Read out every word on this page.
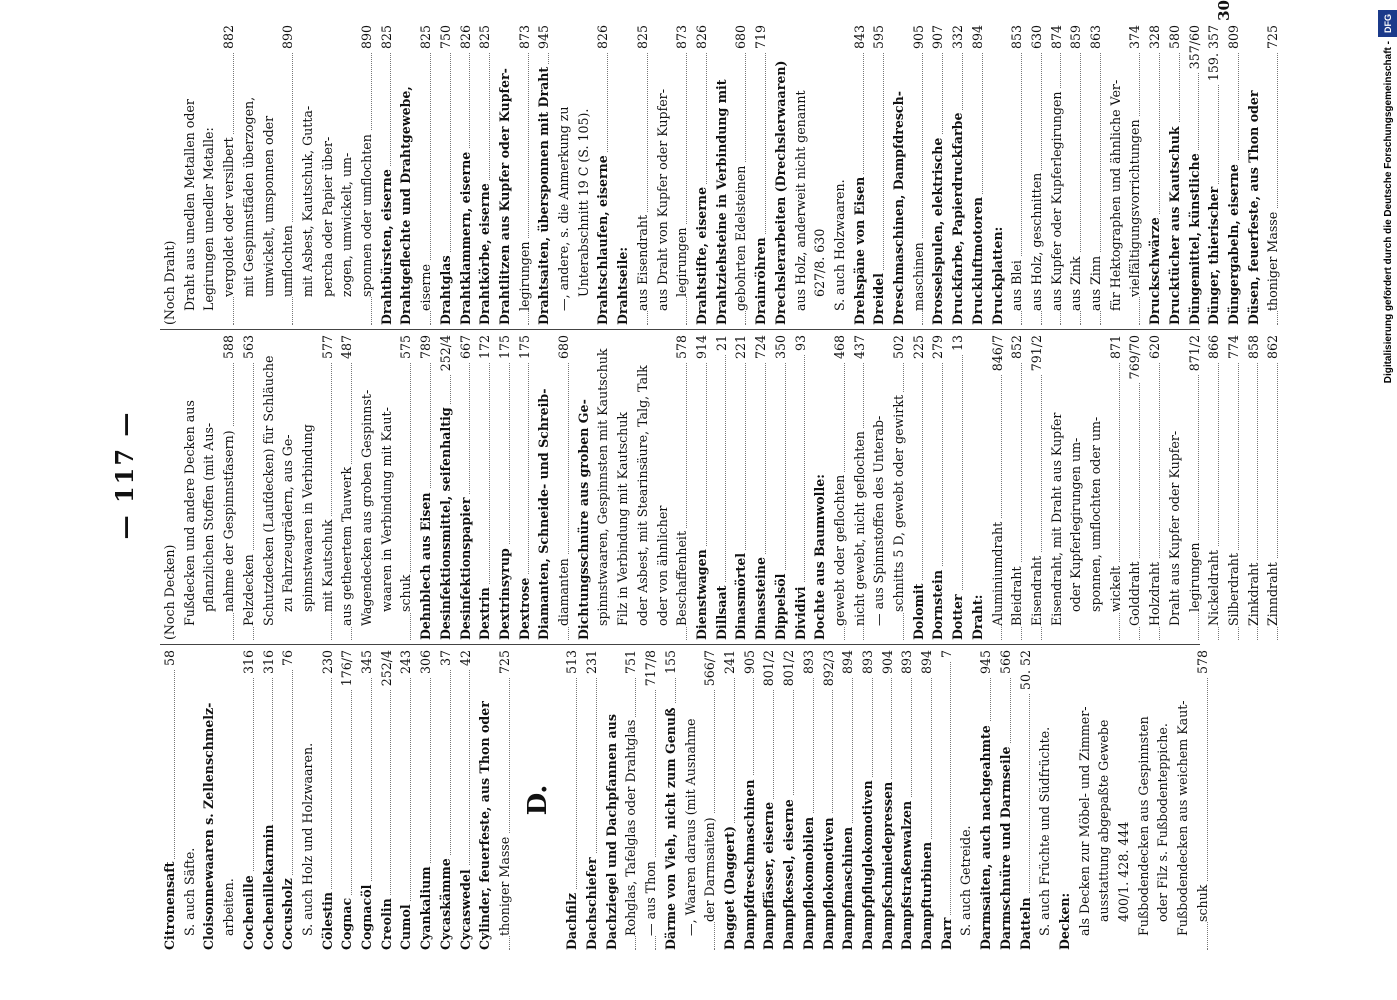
— 117 —
Citronensaft
58
S. auch Säfte. Cloisonnewaaren s. Zellenschmelz- arbeiten. Cochenille
316
Cochenillekarmin
316
Cocusholz
76
S. auch Holz und Holzwaaren. Cölestin
230
Cognac
176/7
Cognacöl
345
Creolin
252/4
Cumol
243
Cyankalium
306
Cycaskämme
37
Cycaswedel
42
Cylinder, feuerfeste, aus Thon oder thoniger Masse
725
D.
Dachfilz
513
Dachschiefer
231
Dachziegel und Dachpfannen aus Rohglas, Tafelglas oder Drahtglas
751
— aus Thon
717/8
Därme von Vieh, nicht zum Genuß
155
—, Waaren daraus (mit Ausnahme der Darmsaiten)
566/7
Dagget (Daggert)
241
Dampfdreschmaschinen
905
Dampffässer, eiserne
801/2
Dampfkessel, eiserne
801/2
Dampflokomobilen
893
Dampflokomotiven
892/3
Dampfmaschinen
894
Dampfpfluglokomotiven
893
Dampfschmiedepressen
904
Dampfstraßenwalzen
893
Dampfturbinen
894
Darr
7
S. auch Getreide. Darmsaiten, auch nachgeahmte
945
Darmschnüre und Darmseile
566
Datteln
50. 52
S. auch Früchte und Südfrüchte. Decken: als Decken zur Möbel- und Zimmer- ausstattung abgepaßte Gewebe 400/1. 428. 444 Fußbodendecken aus Gespinnsten oder Filz s. Fußbodenteppiche. Fußbodendecken aus weichem Kaut- schuk
578
(Noch Decken) Fußdecken und andere Decken aus pflanzlichen Stoffen (mit Aus- nahme der Gespinnstfasern)
588
Pelzdecken
563
Schutzdecken (Laufdecken) für Schläuche zu Fahrzeugrädern, aus Ge- spinnstwaaren in Verbindung mit Kautschuk
577
aus getheertem Tauwerk
487
Wagendecken aus groben Gespinnst- waaren in Verbindung mit Kaut- schuk
575
Dehnblech aus Eisen
789
Desinfektionsmittel, seifenhaltig
252/4
Desinfektionspapier
667
Dextrin
172
Dextrinsyrup
175
Dextrose
175
Diamanten, Schneide- und Schreib- diamanten
680
Dichtungsschnüre aus groben Ge- spinnstwaaren, Gespinnsten mit Kautschuk Filz in Verbindung mit Kautschuk oder Asbest, mit Stearinsäure, Talg, Talk oder von ähnlicher Beschaffenheit
578
Dienstwagen
914
Dillsaat
21
Dinasmörtel
221
Dinassteine
724
Dippelsöl
350
Dividivi
93
Dochte aus Baumwolle: gewebt oder geflochten
468
nicht gewebt, nicht geflochten
437
— aus Spinnstoffen des Unterab- schnitts 5 D, gewebt oder gewirkt
502
Dolomit
225
Dornstein
279
Dotter
13
Draht: Aluminiumdraht
846/7
Bleidraht
852
Eisendraht
791/2
Eisendraht, mit Draht aus Kupfer oder Kupferlegirungen um- sponnen, umflochten oder um- wickelt
871
Golddraht
769/70
Holzdraht
620
Draht aus Kupfer oder Kupfer- legirungen
871/2
Nickeldraht
866
Silberdraht
774
Zinkdraht
858
Zinndraht
862
(Noch Draht) Draht aus unedlen Metallen oder Legirungen unedler Metalle: vergoldet oder versilbert
882
mit Gespinnstfäden überzogen, umwickelt, umsponnen oder umflochten
890
mit Asbest, Kautschuk, Gutta- percha oder Papier über- zogen, umwickelt, um- sponnen oder umflochten
890
Drahtbürsten, eiserne
825
Drahtgeflechte und Drahtgewebe, eiserne
825
Drahtglas
750
Drahtklammern, eiserne
826
Drahtkörbe, eiserne
825
Drahtlitzen aus Kupfer oder Kupfer- legirungen
873
Drahtsaiten, übersponnen mit Draht
945
—, andere, s. die Anmerkung zu Unterabschnitt 19 C (S. 105). Drahtschlaufen, eiserne
826
Drahtseile: aus Eisendraht
825
aus Draht von Kupfer oder Kupfer- legirungen
873
Drahtstifte, eiserne
826
Drahtziehsteine in Verbindung mit gebohrten Edelsteinen
680
Drainröhren
719
Drechslerarbeiten (Drechslerwaaren) aus Holz, anderweit nicht genannt 627/8. 630 S. auch Holzwaaren. Drehspäne von Eisen
843
Dreidel
595
Dreschmaschinen, Dampfdresch- maschinen
905
Drosselspulen, elektrische
907
Druckfarbe, Papierdruckfarbe
332
Druckluftmotoren
894
Druckplatten: aus Blei
853
aus Holz, geschnitten
630
aus Kupfer oder Kupferlegirungen
874
aus Zink
859
aus Zinn
863
für Hektographen und ähnliche Ver- vielfältigungsvorrichtungen
374
Druckschwärze
328
Drucktücher aus Kautschuk
580
Düngemittel, künstliche
357/60
Dünger, thierischer
159. 357
Düngergabeln, eiserne
809
Düsen, feuerfeste, aus Thon oder thoniger Masse
725
30
Digitalisierung gefördert durch die Deutsche Forschungsgemeinschaft -DFG
